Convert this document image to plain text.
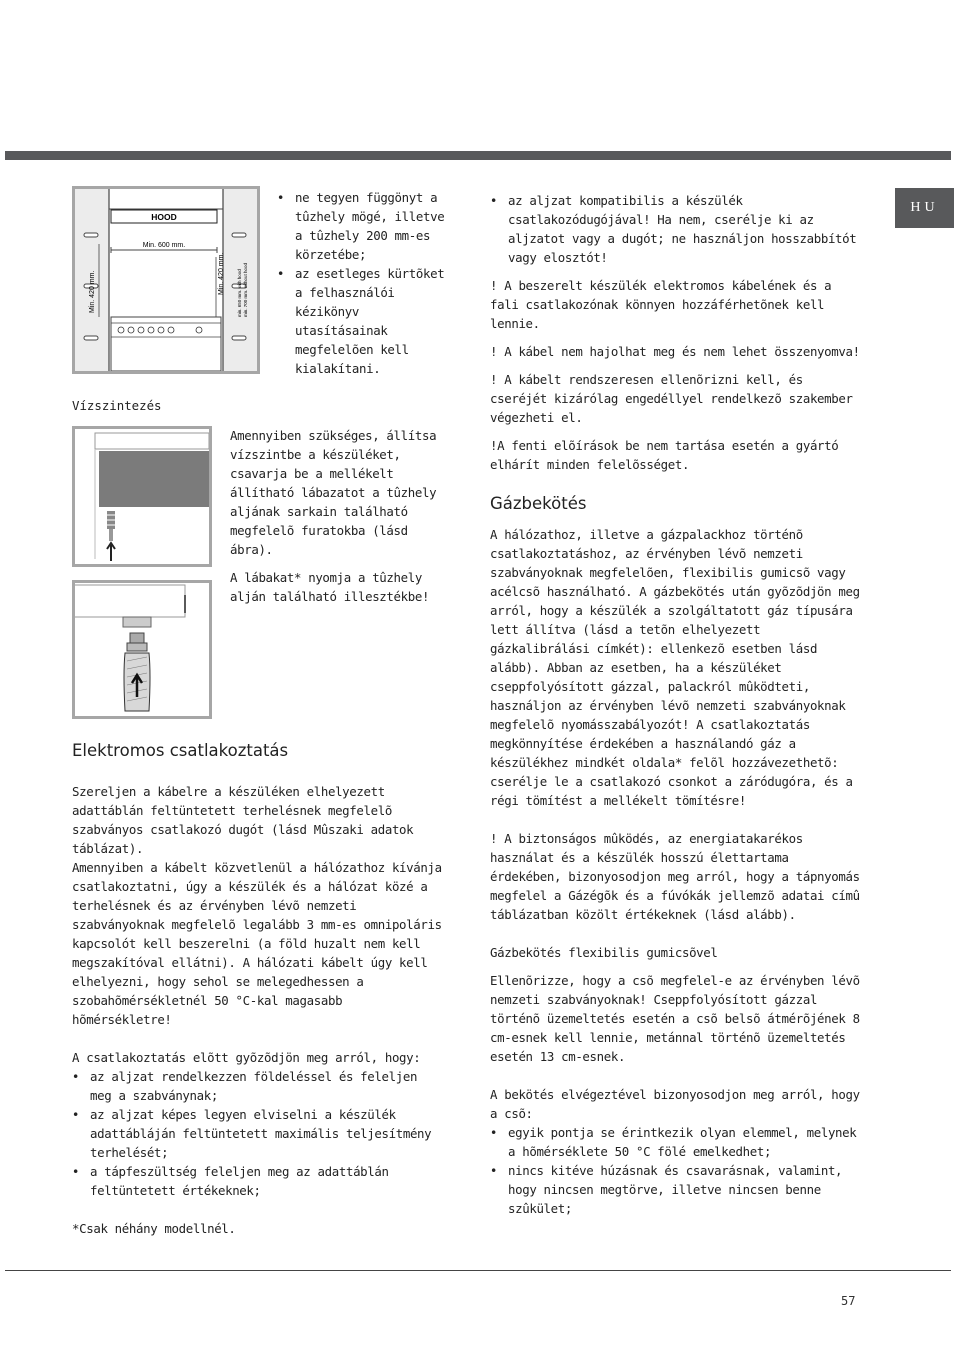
HU
HOOD
Min. 600 mm.
Min. 420 mm.	Min. 420 mm.	min. 650 mm. with hood min. 700 mm. without hood
• ne tegyen függönyt a tûzhely mögé, illetve a tûzhely 200 mm-es körzetébe;
• az esetleges kürtõket a felhasználói kézikönyv utasításainak megfelelõen kell kialakítani.
Vízszintezés

Amennyiben szükséges, állítsa vízszintbe a készüléket, csavarja be a mellékelt állítható lábazatot a tûzhely aljának sarkain található megfelelõ furatokba (lásd ábra).

A lábakat* nyomja a tûzhely alján található illesztékbe!

Elektromos csatlakoztatás

Szereljen a kábelre a készüléken elhelyezett adattáblán feltüntetett terhelésnek megfelelõ szabványos csatlakozó dugót (lásd Mûszaki adatok táblázat).

Amennyiben a kábelt közvetlenül a hálózathoz kívánja csatlakoztatni, úgy a készülék és a hálózat közé a terhelésnek és az érvényben lévõ nemzeti szabványoknak megfelelõ legalább 3 mm-es omnipoláris kapcsolót kell beszerelni (a föld huzalt nem kell megszakítóval ellátni). A hálózati kábelt úgy kell elhelyezni, hogy sehol se melegedhessen a szobahõmérsékletnél 50 °C-kal magasabb hõmérsékletre!

A csatlakoztatás elõtt gyõzõdjön meg arról, hogy:

• az aljzat rendelkezzen földeléssel és feleljen meg a szabványnak;
• az aljzat képes legyen elviselni a készülék adattábláján feltüntetett maximális teljesítmény terhelését;
• a tápfeszültség feleljen meg az adattáblán feltüntetett értékeknek;

*Csak néhány modellnél.

• az aljzat kompatibilis a készülék csatlakozódugójával! Ha nem, cserélje ki az aljzatot vagy a dugót; ne használjon hosszabbítót vagy elosztót!

! A beszerelt készülék elektromos kábelének és a fali csatlakozónak könnyen hozzáférhetõnek kell lennie.

! A kábel nem hajolhat meg és nem lehet összenyomva!

! A kábelt rendszeresen ellenõrizni kell, és cseréjét kizárólag engedéllyel rendelkezõ szakember végezheti el.

!A fenti elõírások be nem tartása esetén a gyártó elhárít minden felelõsséget.

Gázbekötés

A hálózathoz, illetve a gázpalackhoz történõ csatlakoztatáshoz, az érvényben lévõ nemzeti szabványoknak megfelelõen, flexibilis gumicsõ vagy acélcsõ használható. A gázbekötés után gyõzõdjön meg arról, hogy a készülék a szolgáltatott gáz típusára lett állítva (lásd a tetõn elhelyezett gázkalibrálási címkét): ellenkezõ esetben lásd alább). Abban az esetben, ha a készüléket cseppfolyósított gázzal, palackról mûködteti, használjon az érvényben lévõ nemzeti szabványoknak megfelelõ nyomásszabályozót! A csatlakoztatás megkönnyítése érdekében a használandó gáz a készülékhez mindkét oldala* felõl hozzávezethetõ: cserélje le a csatlakozó csonkot a záródugóra, és a régi tömítést a mellékelt tömítésre!

! A biztonságos mûködés, az energiatakarékos használat és a készülék hosszú élettartama érdekében, bizonyosodjon meg arról, hogy a tápnyomás megfelel a Gázégõk és a fúvókák jellemzõ adatai címû táblázatban közölt értékeknek (lásd alább).

Gázbekötés flexibilis gumicsõvel

Ellenõrizze, hogy a csõ megfelel-e az érvényben lévõ nemzeti szabványoknak! Cseppfolyósított gázzal történõ üzemeltetés esetén a csõ belsõ átmérõjének 8 cm-esnek kell lennie, metánnal történõ üzemeltetés esetén 13 cm-esnek.

A bekötés elvégeztével bizonyosodjon meg arról, hogy a csõ:

• egyik pontja se érintkezik olyan elemmel, melynek a hõmérséklete 50 °C fölé emelkedhet;
• nincs kitéve húzásnak és csavarásnak, valamint, hogy nincsen megtörve, illetve nincsen benne szûkület;
57
